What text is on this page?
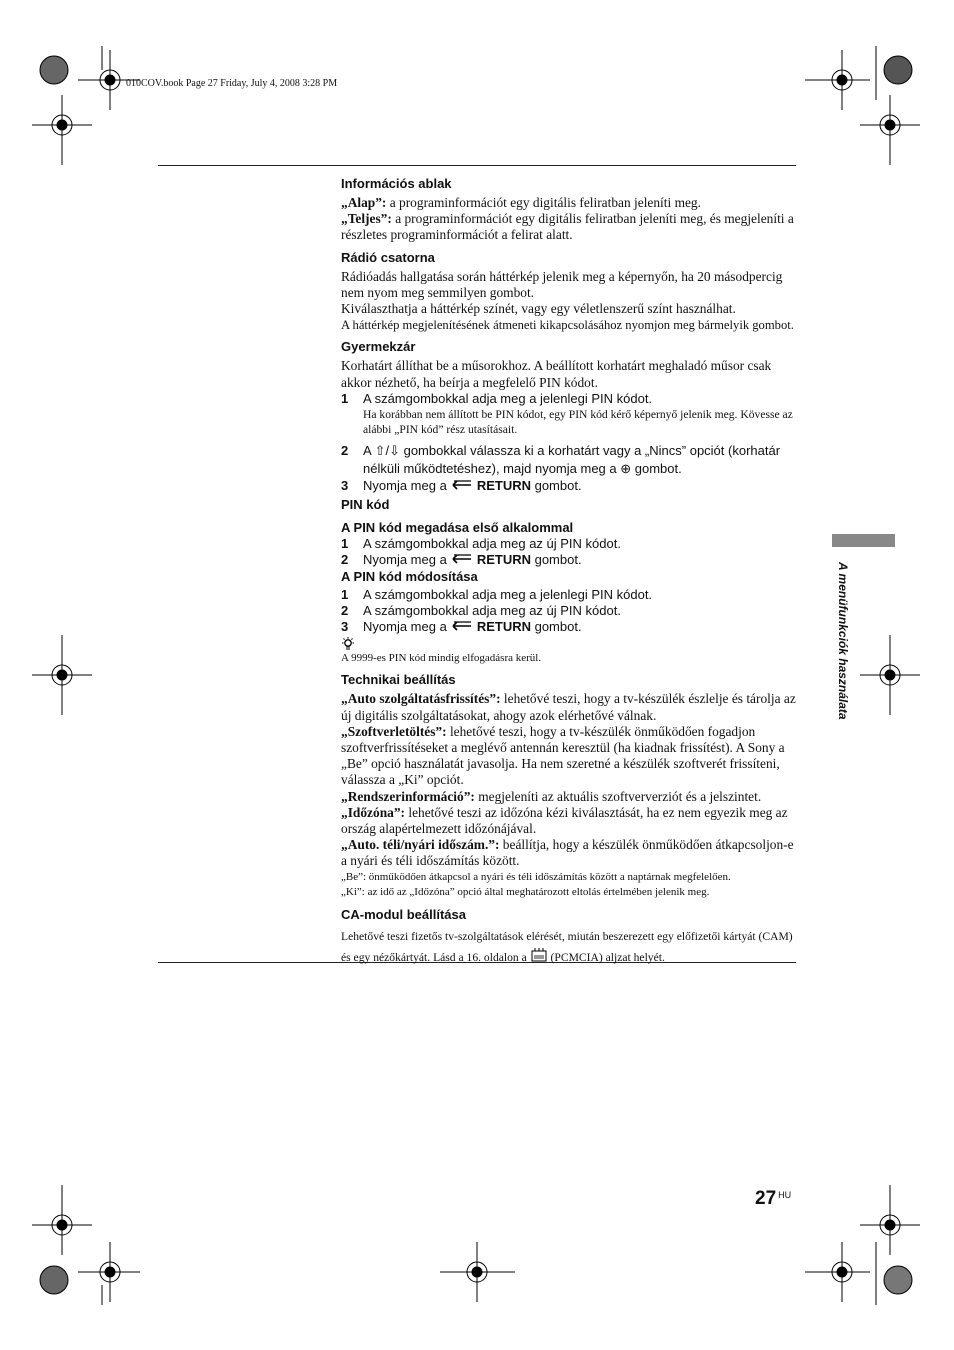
010COV.book Page 27 Friday, July 4, 2008 3:28 PM
A menüfunkciók használata
Információs ablak

„Alap”: a programinformációt egy digitális feliratban jeleníti meg.

„Teljes”: a programinformációt egy digitális feliratban jeleníti meg, és megjeleníti a részletes programinformációt a felirat alatt.

Rádió csatorna

Rádióadás hallgatása során háttérkép jelenik meg a képernyőn, ha 20 másodpercig nem nyom meg semmilyen gombot.

Kiválaszthatja a háttérkép színét, vagy egy véletlenszerű színt használhat.

A háttérkép megjelenítésének átmeneti kikapcsolásához nyomjon meg bármelyik gombot.

Gyermekzár

Korhatárt állíthat be a műsorokhoz. A beállított korhatárt meghaladó műsor csak akkor nézhető, ha beírja a megfelelő PIN kódot.

1	A számgombokkal adja meg a jelenlegi PIN kódot.
Ha korábban nem állított be PIN kódot, egy PIN kód kérő képernyő jelenik meg. Kövesse az alábbi „PIN kód” rész utasításait.
2	A ⇧/⇩ gombokkal válassza ki a korhatárt vagy a „Nincs” opciót (korhatár nélküli működtetéshez), majd nyomja meg a ⊕ gombot.
3	Nyomja meg a RETURN gombot.
PIN kód
A PIN kód megadása első alkalommal
1	A számgombokkal adja meg az új PIN kódot.
2	Nyomja meg a RETURN gombot.
A PIN kód módosítása
1	A számgombokkal adja meg a jelenlegi PIN kódot.
2	A számgombokkal adja meg az új PIN kódot.
3	Nyomja meg a RETURN gombot.

A 9999-es PIN kód mindig elfogadásra kerül.

Technikai beállítás

„Auto szolgáltatásfrissítés”: lehetővé teszi, hogy a tv-készülék észlelje és tárolja az új digitális szolgáltatásokat, ahogy azok elérhetővé válnak.

„Szoftverletöltés”: lehetővé teszi, hogy a tv-készülék önműködően fogadjon szoftverfrissítéseket a meglévő antennán keresztül (ha kiadnak frissítést). A Sony a „Be” opció használatát javasolja. Ha nem szeretné a készülék szoftverét frissíteni, válassza a „Ki” opciót.

„Rendszerinformáció”: megjeleníti az aktuális szoftververziót és a jelszintet.

„Időzóna”: lehetővé teszi az időzóna kézi kiválasztását, ha ez nem egyezik meg az ország alapértelmezett időzónájával.

„Auto. téli/nyári időszám.”: beállítja, hogy a készülék önműködően átkapcsoljon-e a nyári és téli időszámítás között.

„Be”: önműködően átkapcsol a nyári és téli időszámítás között a naptárnak megfelelően.

„Ki”: az idő az „Időzóna” opció által meghatározott eltolás értelmében jelenik meg.

CA-modul beállítása

Lehetővé teszi fizetős tv-szolgáltatások elérését, miután beszerezett egy előfizetői kártyát (CAM) és egy nézőkártyát. Lásd a 16. oldalon a  (PCMCIA) aljzat helyét.

27 $^{HU}$
